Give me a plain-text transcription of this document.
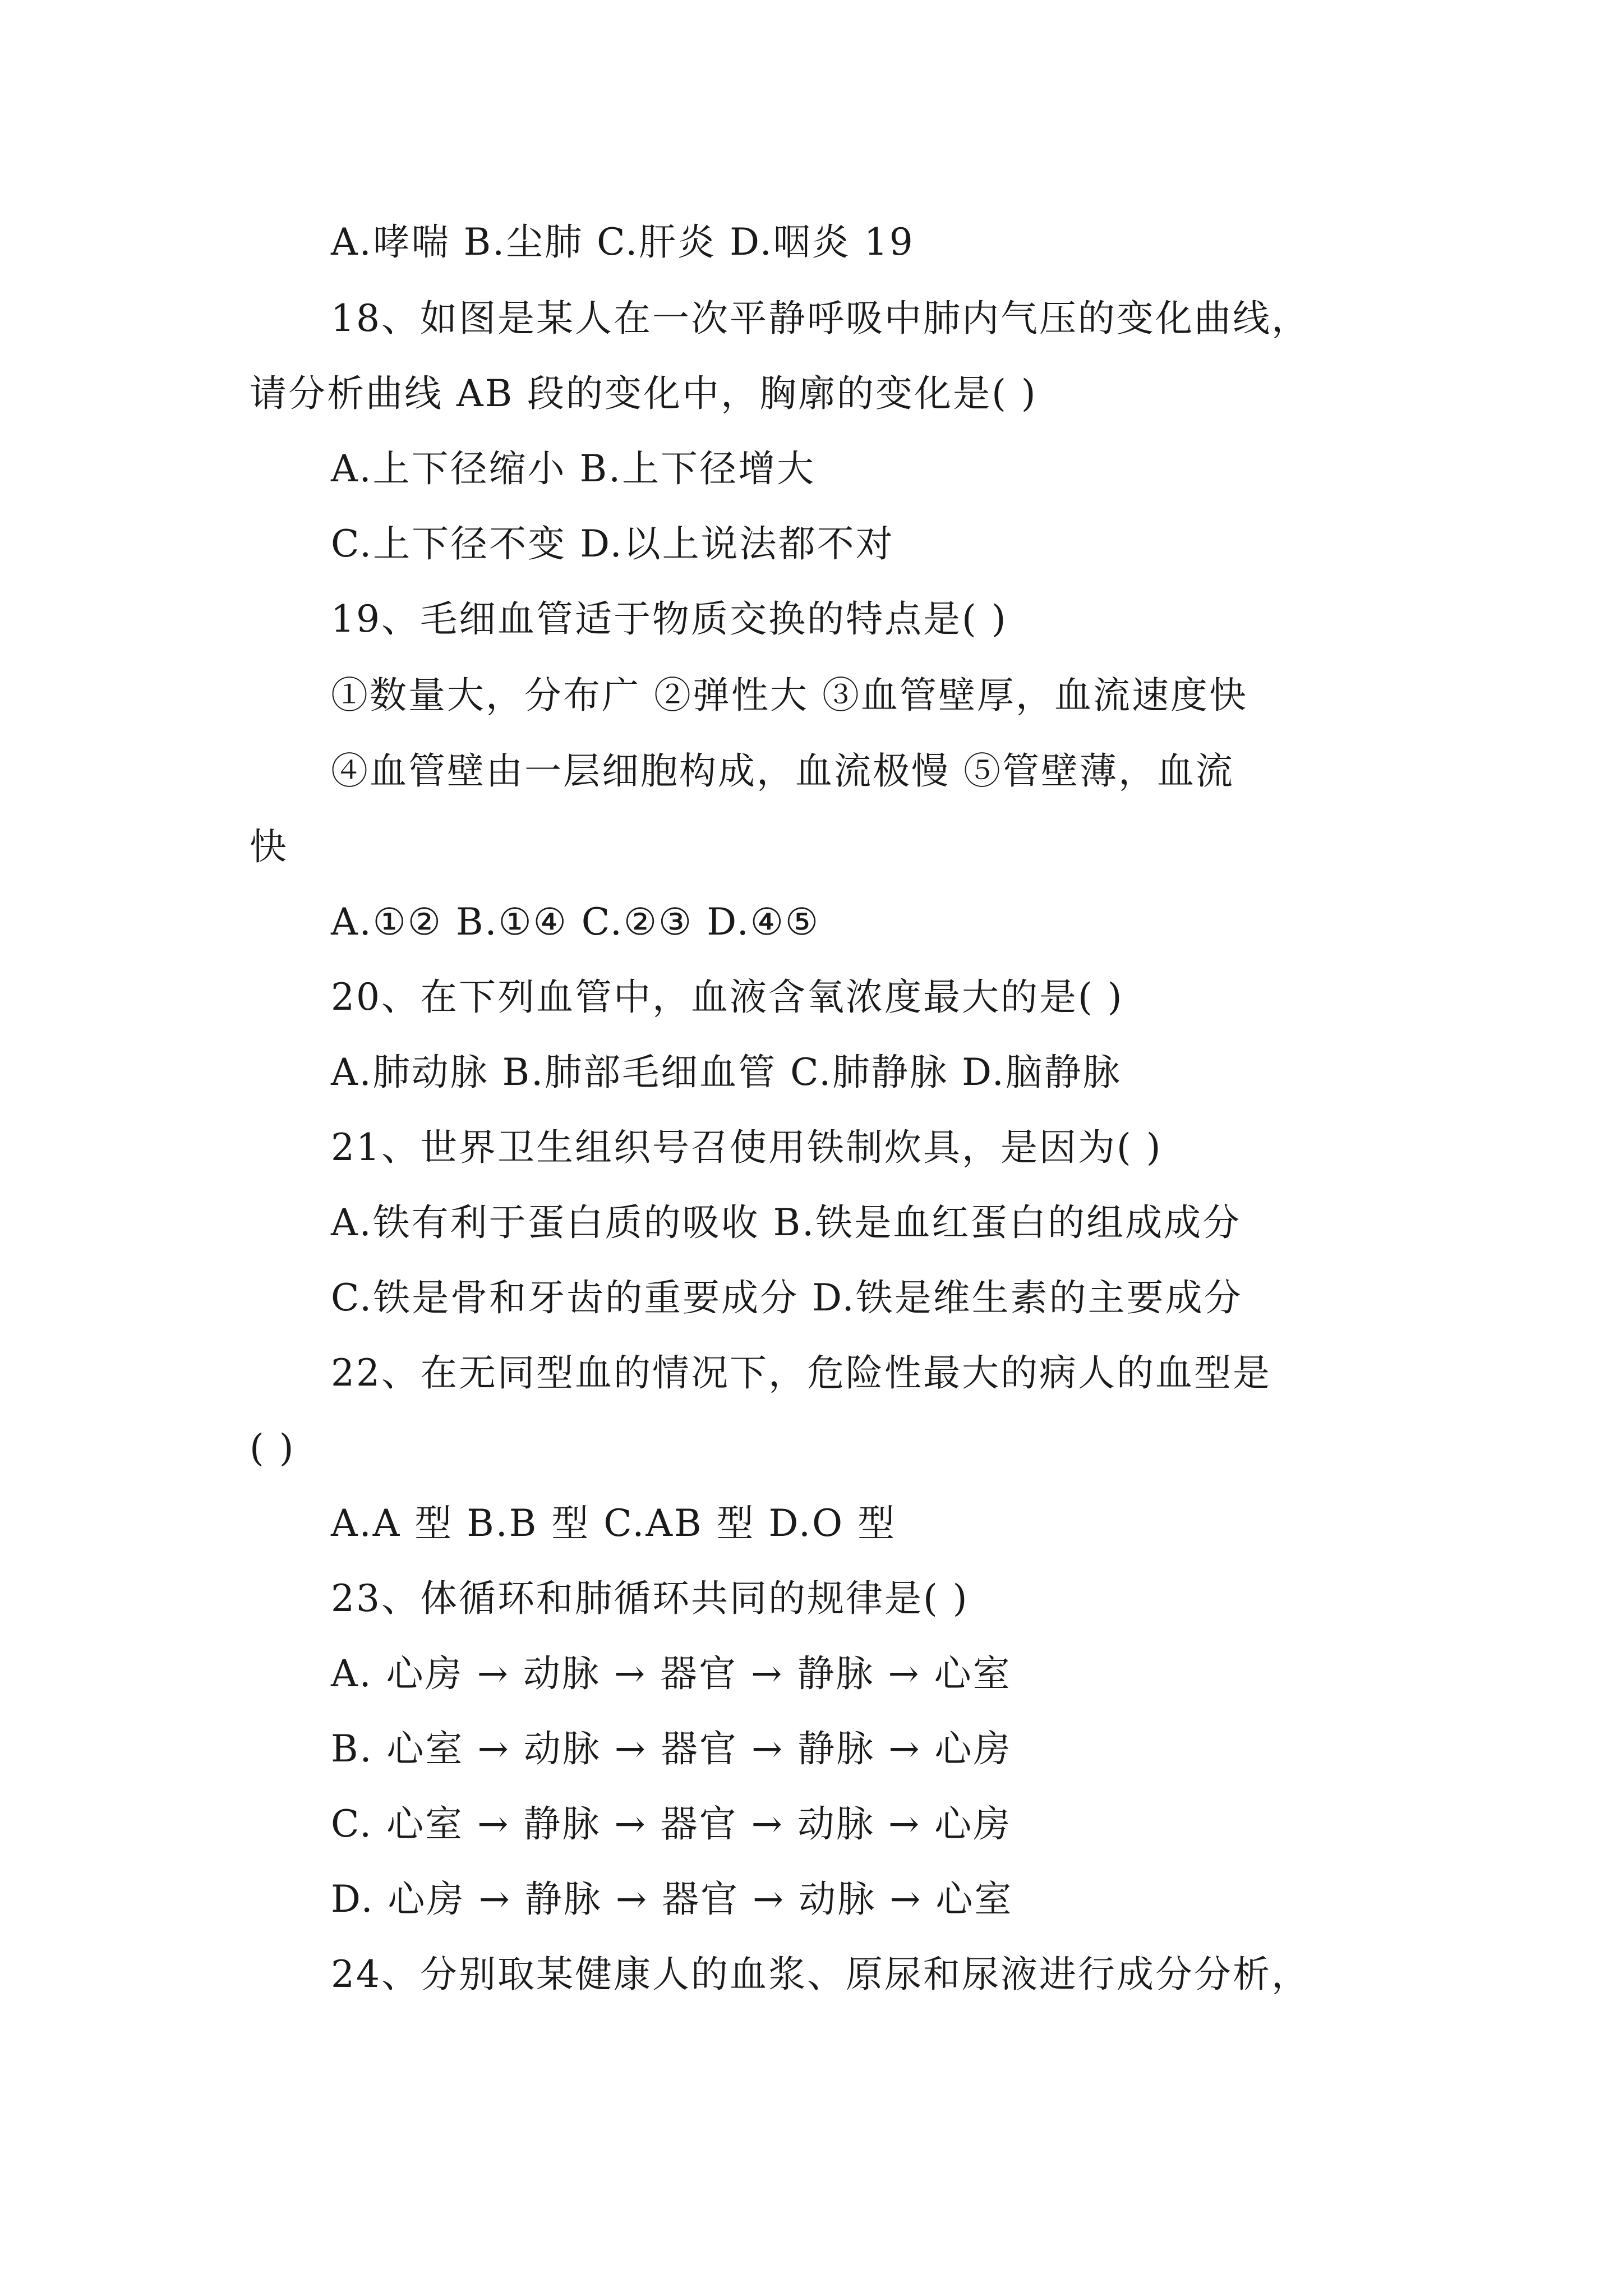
A.哮喘 B.尘肺 C.肝炎 D.咽炎 19

18、如图是某人在一次平静呼吸中肺内气压的变化曲线，

请分析曲线 AB 段的变化中，胸廓的变化是( )

A.上下径缩小 B.上下径增大

C.上下径不变 D.以上说法都不对

19、毛细血管适于物质交换的特点是( )

①数量大，分布广 ②弹性大 ③血管壁厚，血流速度快

④血管壁由一层细胞构成，血流极慢 ⑤管壁薄，血流

快

A.①② B.①④ C.②③ D.④⑤

20、在下列血管中，血液含氧浓度最大的是( )

A.肺动脉 B.肺部毛细血管 C.肺静脉 D.脑静脉

21、世界卫生组织号召使用铁制炊具，是因为( )

A.铁有利于蛋白质的吸收 B.铁是血红蛋白的组成成分

C.铁是骨和牙齿的重要成分 D.铁是维生素的主要成分

22、在无同型血的情况下，危险性最大的病人的血型是

( )

A.A 型 B.B 型 C.AB 型 D.O 型

23、体循环和肺循环共同的规律是( )

A. 心房 → 动脉 → 器官 → 静脉 → 心室

B. 心室 → 动脉 → 器官 → 静脉 → 心房

C. 心室 → 静脉 → 器官 → 动脉 → 心房

D. 心房 → 静脉 → 器官 → 动脉 → 心室

24、分别取某健康人的血浆、原尿和尿液进行成分分析，
